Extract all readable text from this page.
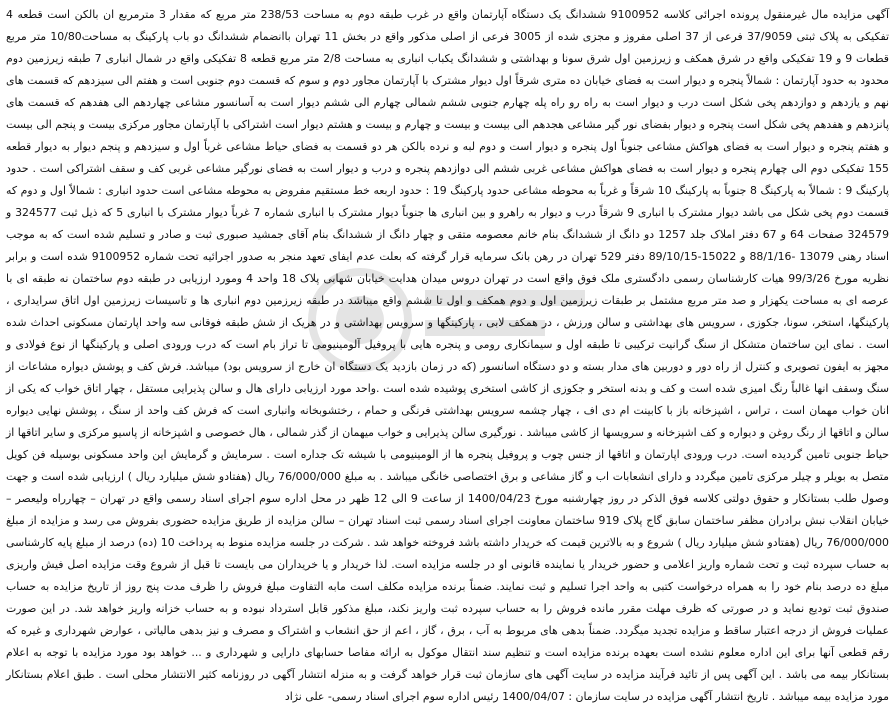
آگهی مزایده مال غیرمنقول پرونده اجرائی کلاسه 9100952 ششدانگ یک دستگاه آپارتمان واقع در غرب طبقه دوم به مساحت 238/53 متر مربع که مقدار 3 مترمربع ان بالکن است قطعه 4 تفکیکی به پلاک ثبتی 37/9059 فرعی از 37 اصلی مفروز و مجزی شده از 3005 فرعی از اصلی مذکور واقع در بخش 11 تهران باانضمام ششدانگ دو باب پارکینگ به مساحت10/80 متر مربع قطعات 9 و 19 تفکیکی واقع در شرق همکف و زیرزمین اول شرق سونا و بهداشتی و ششدانگ یکباب انباری به مساحت 2/8 متر مربع قطعه 8 تفکیکی واقع در شمال انباری 7 طبقه زیرزمین دوم محدود به حدود آپارتمان : شمالاً پنجره و دیوار است به فضای خیابان ده متری شرقاً اول دیوار مشترک با آپارتمان مجاور دوم و سوم که قسمت دوم جنوبی است و هفتم الی سیزدهم که قسمت های نهم و یازدهم و دوازدهم پخی شکل است درب و دیوار است به راه رو راه پله چهارم جنوبی ششم شمالی چهارم الی ششم دیوار است به آسانسور مشاعی چهاردهم الی هفدهم که قسمت های پانزدهم و هفدهم پخی شکل است پنجره و دیوار بفضای نور گیر مشاعی هجدهم الی بیست و بیست و چهارم و بیست و هشتم دیوار است اشتراکی با آپارتمان مجاور مرکزی بیست و پنجم الی بیست و هفتم پنجره و دیوار است به فضای هواکش مشاعی جنوباً اول پنجره و دیوار است و دوم لبه و نرده بالکن هر دو قسمت به فضای حیاط مشاعی غرباً اول و سیزدهم و پنجم دیوار به دیوار قطعه 155 تفکیکی دوم الی چهارم پنجره و دیوار است به فضای هواکش مشاعی غربی ششم الی دوازدهم پنجره و درب و دیوار است به فضای نورگیر مشاعی غربی کف و سقف اشتراکی است . حدود پارکینگ 9 : شمالاً به پارکینگ 8 جنوباً به پارکینگ 10 شرقاً و غرباً به محوطه مشاعی حدود پارکینگ 19 : حدود اربعه خط مستقیم مفروض به محوطه مشاعی است حدود انباری : شمالاً اول و دوم که قسمت دوم پخی شکل می باشد دیوار مشترک با انباری 9 شرقاً درب و دیوار به راهرو و بین انباری ها جنوباً دیوار مشترک با انباری شماره 7 غرباً دیوار مشترک با انباری 5 که ذیل ثبت 324577 و 324579 صفحات 64 و 67 دفتر املاک جلد 1257 دو دانگ از ششدانگ بنام خانم معصومه متقی و چهار دانگ از ششدانگ بنام آقای جمشید صبوری ثبت و صادر و تسلیم شده است که به موجب اسناد رهنی 13079 -88/1/16 و 15022-89/10/15 دفتر 529 تهران در رهن بانک سرمایه قرار گرفته که بعلت عدم ایفای تعهد منجر به صدور اجرائیه تحت شماره 9100952 شده است و برابر نظریه مورخ 99/3/26 هیات کارشناسان رسمی دادگستری ملک فوق واقع است در تهران دروس میدان هدایت خیابان شهابی پلاک 18 واحد 4 ومورد ارزیابی در طبقه دوم ساختمان نه طبقه ای با عرصه ای به مساحت یکهزار و صد متر مربع مشتمل بر طبقات زیرزمین اول و دوم همکف و اول تا ششم واقع میباشد در طبقه زیرزمین دوم انباری ها و تاسیسات زیرزمین اول اتاق سرایداری ، پارکینگها، استخر، سونا، جکوزی ، سرویس های بهداشتی و سالن ورزش ، در همکف لابی ، پارکینگها و سرویس بهداشتی و در هریک از شش طبقه فوقانی سه واحد اپارتمان مسکونی احداث شده است . نمای این ساختمان متشکل از سنگ گرانیت ترکیبی تا طبقه اول و سیمانکاری رومی و پنجره هایی با پروفیل آلومینیومی تا تراز بام است که درب ورودی اصلی و پارکینگها از نوع فولادی و مجهز به ایفون تصویری و کنترل از راه دور و دوربین های مدار بسته و دو دستگاه اسانسور (که در زمان بازدید یک دستگاه ان خارج از سرویس بود) میباشد. فرش کف و پوشش دیواره مشاعات از سنگ وسقف انها غالباً رنگ امیزی شده است و کف و بدنه استخر و جکوزی از کاشی استخری پوشیده شده است .واحد مورد ارزیابی دارای هال و سالن پذیرایی مستقل ، چهار اتاق خواب که یکی از انان خواب مهمان است ، تراس ، اشپزخانه باز با کابینت ام دی اف ، چهار چشمه سرویس بهداشتی فرنگی و حمام ، رختشوبخانه وانباری است که فرش کف واحد از سنگ ، پوشش نهایی دیواره سالن و اتاقها از رنگ روغن و دیواره و کف اشپزخانه و سرویسها از کاشی میباشد . نورگیری سالن پذیرایی و خواب میهمان از گذر شمالی ، هال خصوصی و اشپزخانه از پاسیو مرکزی و سایر اتاقها از حیاط جنوبی تامین گردیده است. درب ورودی اپارتمان و اتاقها از جنس چوب و پروفیل پنجره ها از الومینیومی با شیشه تک جداره است . سرمایش و گرمایش این واحد مسکونی بوسیله فن کویل متصل به بویلر و چیلر مرکزی تامین میگردد و دارای انشعابات اب و گاز مشاعی و برق اختصاصی خانگی میباشد . به مبلغ 76/000/000 ریال (هفتادو شش میلیارد ریال ) ارزیابی شده است و جهت وصول طلب بستانکار و حقوق دولتی کلاسه فوق الذکر در روز چهارشنبه مورخ 1400/04/23 از ساعت 9 الی 12 ظهر در محل اداره سوم اجرای اسناد رسمی واقع در تهران – چهارراه ولیعصر – خیابان انقلاب نبش برادران مظفر ساختمان سابق گاج پلاک 919 ساختمان معاونت اجرای اسناد رسمی ثبت اسناد تهران – سالن مزایده از طریق مزایده حضوری بفروش می رسد و مزایده از مبلغ 76/000/000 ریال (هفتادو شش میلیارد ریال ) شروع و به بالاترین قیمت که خریدار داشته باشد فروخته خواهد شد . شرکت در جلسه مزایده منوط به پرداخت 10 (ده) درصد از مبلغ پایه کارشناسی به حساب سپرده ثبت و تحت شماره واریز اعلامی و حضور خریدار یا نماینده قانونی او در جلسه مزایده است. لذا خریدار و یا خریداران می بایست تا قبل از شروع وقت مزایده اصل فیش واریزی مبلغ ده درصد بنام خود را به همراه درخواست کتبی به واحد اجرا تسلیم و ثبت نمایند. ضمناً برنده مزایده مکلف است مابه التفاوت مبلغ فروش را ظرف مدت پنج روز از تاریخ مزایده به حساب صندوق ثبت تودیع نماید و در صورتی که ظرف مهلت مقرر مانده فروش را به حساب سپرده ثبت واریز نکند، مبلغ مذکور قابل استرداد نبوده و به حساب خزانه واریز خواهد شد. در این صورت عملیات فروش از درجه اعتبار ساقط و مزایده تجدید میگردد. ضمناً بدهی های مربوط به آب ، برق ، گاز ، اعم از حق انشعاب و اشتراک و مصرف و نیز بدهی مالیاتی ، عوارض شهرداری و غیره که رقم قطعی آنها برای این اداره معلوم نشده است بعهده برنده مزایده است و تنظیم سند انتقال موکول به ارائه مفاصا حسابهای دارایی و شهرداری و ... خواهد بود مورد مزایده با توجه به اعلام بستانکار بیمه می باشد . این آگهی پس از تائید فرآیند مزایده در سایت آگهی های سازمان ثبت قرار خواهد گرفت و به منزله انتشار آگهی در روزنامه کثیر الانتشار محلی است . طبق اعلام بستانکار مورد مزایده بیمه میباشد . تاریخ انتشار آگهی مزایده در سایت سازمان : 1400/04/07 رئیس اداره سوم اجرای اسناد رسمی- علی نژاد
